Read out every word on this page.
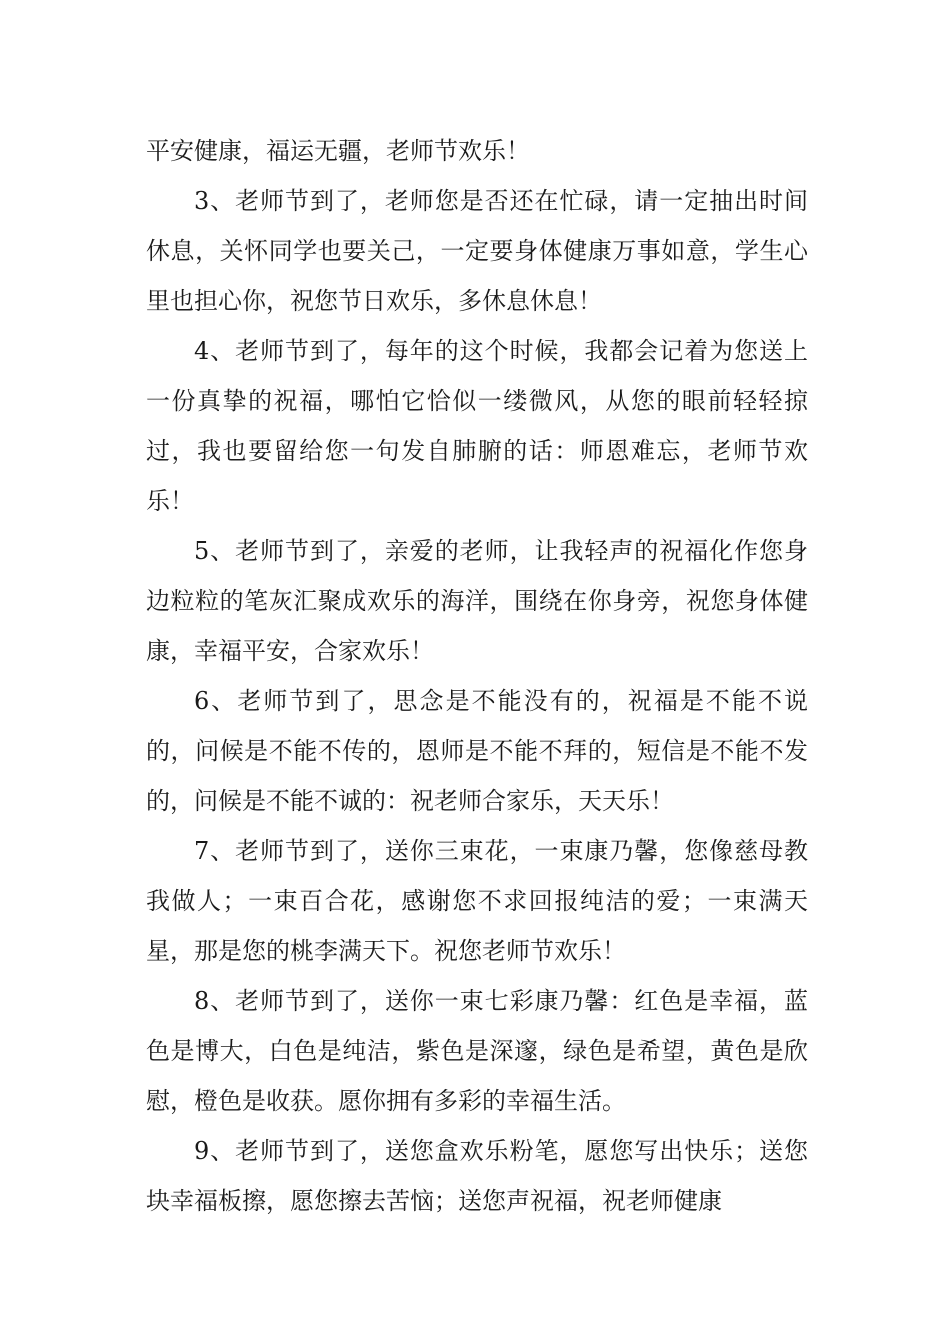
平安健康，福运无疆，老师节欢乐！

3、老师节到了，老师您是否还在忙碌，请一定抽出时间休息，关怀同学也要关己，一定要身体健康万事如意，学生心里也担心你，祝您节日欢乐，多休息休息！

4、老师节到了，每年的这个时候，我都会记着为您送上一份真挚的祝福，哪怕它恰似一缕微风，从您的眼前轻轻掠过，我也要留给您一句发自肺腑的话：师恩难忘，老师节欢乐！

5、老师节到了，亲爱的老师，让我轻声的祝福化作您身边粒粒的笔灰汇聚成欢乐的海洋，围绕在你身旁，祝您身体健康，幸福平安，合家欢乐！

6、老师节到了，思念是不能没有的，祝福是不能不说的，问候是不能不传的，恩师是不能不拜的，短信是不能不发的，问候是不能不诚的：祝老师合家乐，天天乐！

7、老师节到了，送你三束花，一束康乃馨，您像慈母教我做人；一束百合花，感谢您不求回报纯洁的爱；一束满天星，那是您的桃李满天下。祝您老师节欢乐！

8、老师节到了，送你一束七彩康乃馨：红色是幸福，蓝色是博大，白色是纯洁，紫色是深邃，绿色是希望，黄色是欣慰，橙色是收获。愿你拥有多彩的幸福生活。

9、老师节到了，送您盒欢乐粉笔，愿您写出快乐；送您块幸福板擦，愿您擦去苦恼；送您声祝福，祝老师健康
